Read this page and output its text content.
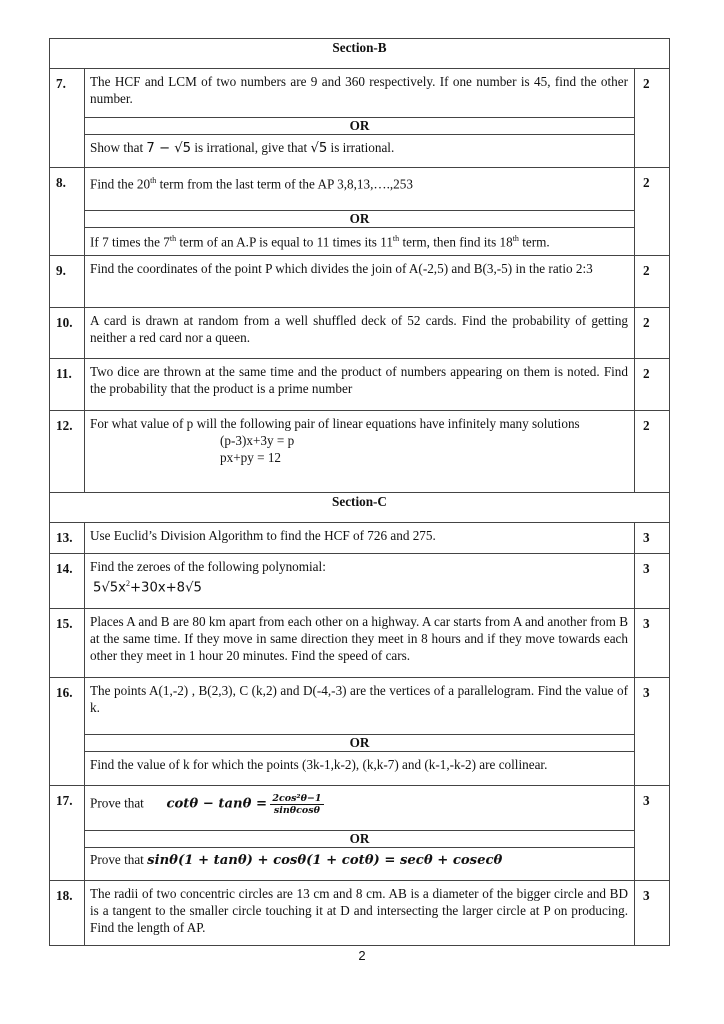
Section-B		
7.	The HCF and LCM of two numbers are 9 and 360 respectively. If one number is 45, find the other number.
OR
Show that 7 − √5 is irrational, give that √5 is irrational.	2
8.	Find the 20th term from the last term of the AP 3,8,13,….,253
OR
If 7 times the 7th term of an A.P is equal to 11 times its 11th term, then find its 18th term.	2
9.	Find the coordinates of the point P which divides the join of A(-2,5) and B(3,-5) in the ratio 2:3	2
10.	A card is drawn at random from a well shuffled deck of 52 cards. Find the probability of getting neither a red card nor a queen.	2
11.	Two dice are thrown at the same time and the product of numbers appearing on them is noted. Find the probability that the product is a prime number	2
12.	For what value of p will the following pair of linear equations have infinitely many solutions
(p-3)x+3y = p
px+py = 12	2
Section-C		
13.	Use Euclid’s Division Algorithm to find the HCF of 726 and 275.	3
14.	Find the zeroes of the following polynomial:
$5√5x^2+30x+8√5$	3
15.	Places A and B are 80 km apart from each other on a highway. A car starts from A and another from B at the same time. If they move in same direction they meet in 8 hours and if they move towards each other they meet in 1 hour 20 minutes. Find the speed of cars.	3
16.	The points A(1,-2) , B(2,3), C (k,2) and D(-4,-3) are the vertices of a parallelogram. Find the value of k.
OR
Find the value of k for which the points (3k-1,k-2), (k,k-7) and (k-1,-k-2) are collinear.	3
17.	Prove that $\cot\theta - \tan\theta = \frac{\text{2cos²θ−1}}{\sin\theta\cos\theta}$
OR
Prove that sinθ(1 + tanθ) + cosθ(1 + cotθ) = secθ + cosecθ	3
18.	The radii of two concentric circles are 13 cm and 8 cm. AB is a diameter of the bigger circle and BD is a tangent to the smaller circle touching it at D and intersecting the larger circle at P on producing. Find the length of AP.	3
2
